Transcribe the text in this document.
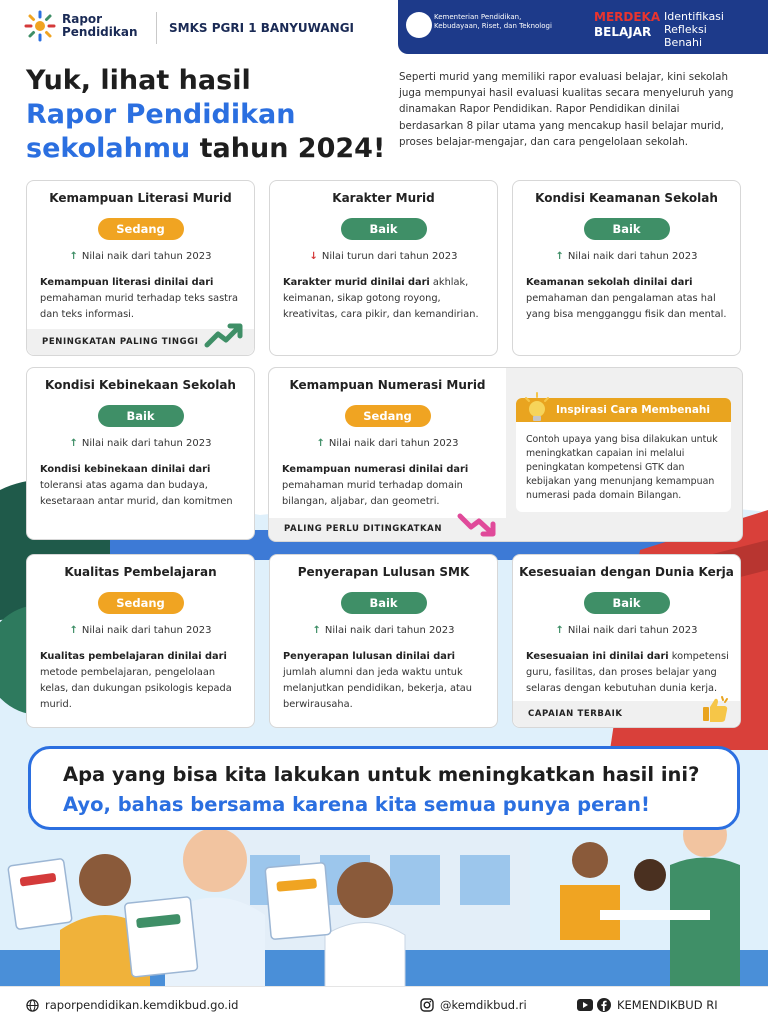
Rapor
Pendidikan	SMKS PGRI 1 BANYUWANGI
Kementerian Pendidikan, Kebudayaan, Riset, dan Teknologi
MERDEKA
BELAJAR
Identifikasi
Refleksi
Benahi
Yuk, lihat hasil
Rapor Pendidikan
sekolahmu tahun 2024!
Seperti murid yang memiliki rapor evaluasi belajar, kini sekolah juga mempunyai hasil evaluasi kualitas secara menyeluruh yang dinamakan Rapor Pendidikan. Rapor Pendidikan dinilai berdasarkan 8 pilar utama yang mencakup hasil belajar murid, proses belajar-mengajar, dan cara pengelolaan sekolah.
Kemampuan Literasi Murid
Sedang
↑ Nilai naik dari tahun 2023
Kemampuan literasi dinilai dari
pemahaman murid terhadap teks sastra dan teks informasi.
PENINGKATAN PALING TINGGI
Karakter Murid
Baik
↓ Nilai turun dari tahun 2023
Karakter murid dinilai dari akhlak, keimanan, sikap gotong royong, kreativitas, cara pikir, dan kemandirian.
Kondisi Keamanan Sekolah
Baik
↑ Nilai naik dari tahun 2023
Keamanan sekolah dinilai dari
pemahaman dan pengalaman atas hal yang bisa mengganggu fisik dan mental.
Kondisi Kebinekaan Sekolah
Baik
↑ Nilai naik dari tahun 2023
Kondisi kebinekaan dinilai dari toleransi atas agama dan budaya, kesetaraan antar murid, dan komitmen
Kemampuan Numerasi Murid
Sedang
↑ Nilai naik dari tahun 2023
Kemampuan numerasi dinilai dari
pemahaman murid terhadap domain bilangan, aljabar, dan geometri.
PALING PERLU DITINGKATKAN
Inspirasi Cara Membenahi
Contoh upaya yang bisa dilakukan untuk meningkatkan capaian ini melalui peningkatan kompetensi GTK dan kebijakan yang menunjang kemampuan numerasi pada domain Bilangan.
Kualitas Pembelajaran
Sedang
↑ Nilai naik dari tahun 2023
Kualitas pembelajaran dinilai dari
metode pembelajaran, pengelolaan kelas, dan dukungan psikologis kepada murid.
Penyerapan Lulusan SMK
Baik
↑ Nilai naik dari tahun 2023
Penyerapan lulusan dinilai dari jumlah alumni dan jeda waktu untuk melanjutkan pendidikan, bekerja, atau berwirausaha.
Kesesuaian dengan Dunia Kerja
Baik
↑ Nilai naik dari tahun 2023
Kesesuaian ini dinilai dari kompetensi guru, fasilitas, dan proses belajar yang selaras dengan kebutuhan dunia kerja.
CAPAIAN TERBAIK
Apa yang bisa kita lakukan untuk meningkatkan hasil ini?
Ayo, bahas bersama karena kita semua punya peran!
raporpendidikan.kemdikbud.go.id	@kemdikbud.ri	KEMENDIKBUD RI
